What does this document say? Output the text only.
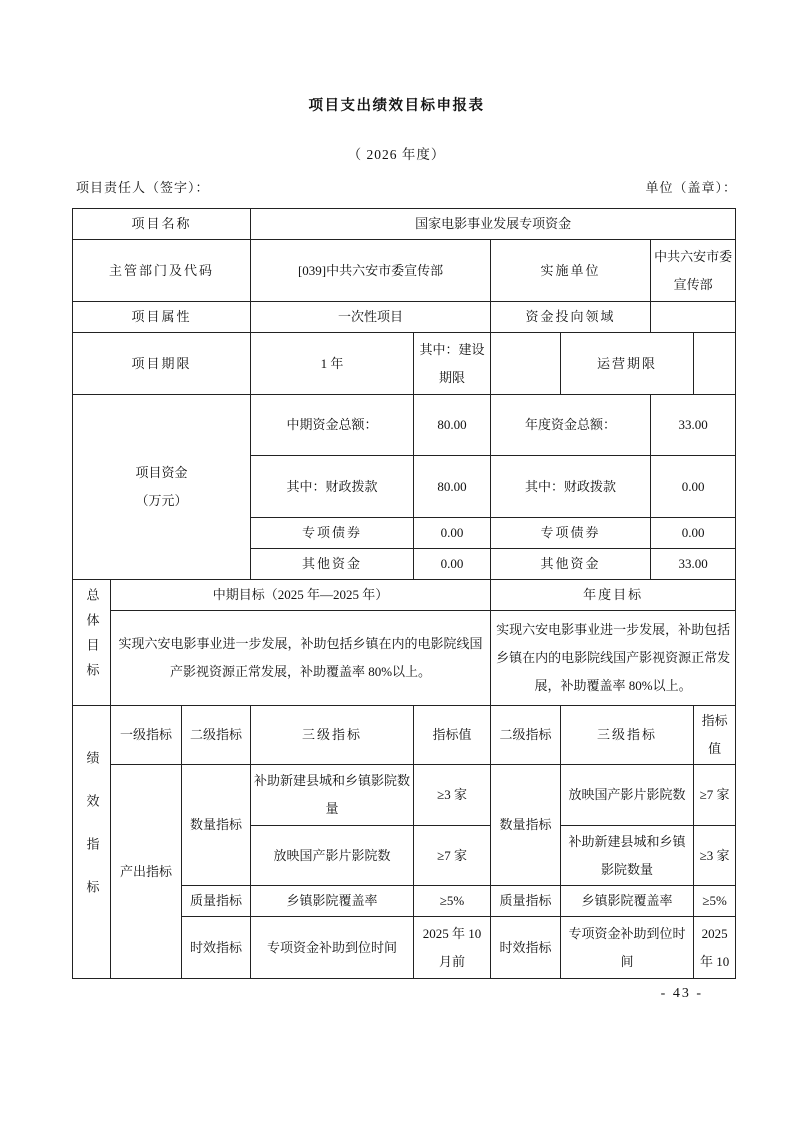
项目支出绩效目标申报表
（ 2026 年度）
项目责任人（签字）：	单位（盖章）：
项目名称			国家电影事业发展专项资金					
主管部门及代码			[039]中共六安市委宣传部		实施单位		中共六安市委宣传部	
项目属性			一次性项目		资金投向领域			
项目期限			1 年	其中：建设期限		运营期限		

项目资金
（万元）			中期资金总额：	80.00	年度资金总额：		33.00	
			其中：财政拨款	80.00	其中：财政拨款		0.00	
			专项债券	0.00	专项债券		0.00	
			其他资金	0.00	其他资金		33.00	
总体目标	中期目标（2025 年—2025 年）				年度目标			
	实现六安电影事业进一步发展，补助包括乡镇在内的电影院线国产影视资源正常发展，补助覆盖率 80%以上。				实现六安电影事业进一步发展，补助包括乡镇在内的电影院线国产影视资源正常发展，补助覆盖率 80%以上。			
绩效指标	一级指标	二级指标	三级指标	指标值	二级指标	三级指标		指标值
	产出指标	数量指标	补助新建县城和乡镇影院数量	≥3 家	数量指标	放映国产影片影院数		≥7 家
			放映国产影片影院数	≥7 家		补助新建县城和乡镇影院数量		≥3 家
		质量指标	乡镇影院覆盖率	≥5%	质量指标	乡镇影院覆盖率		≥5%
		时效指标	专项资金补助到位时间	2025 年 10 月前	时效指标	专项资金补助到位时间		2025 年 10
- 43 -
